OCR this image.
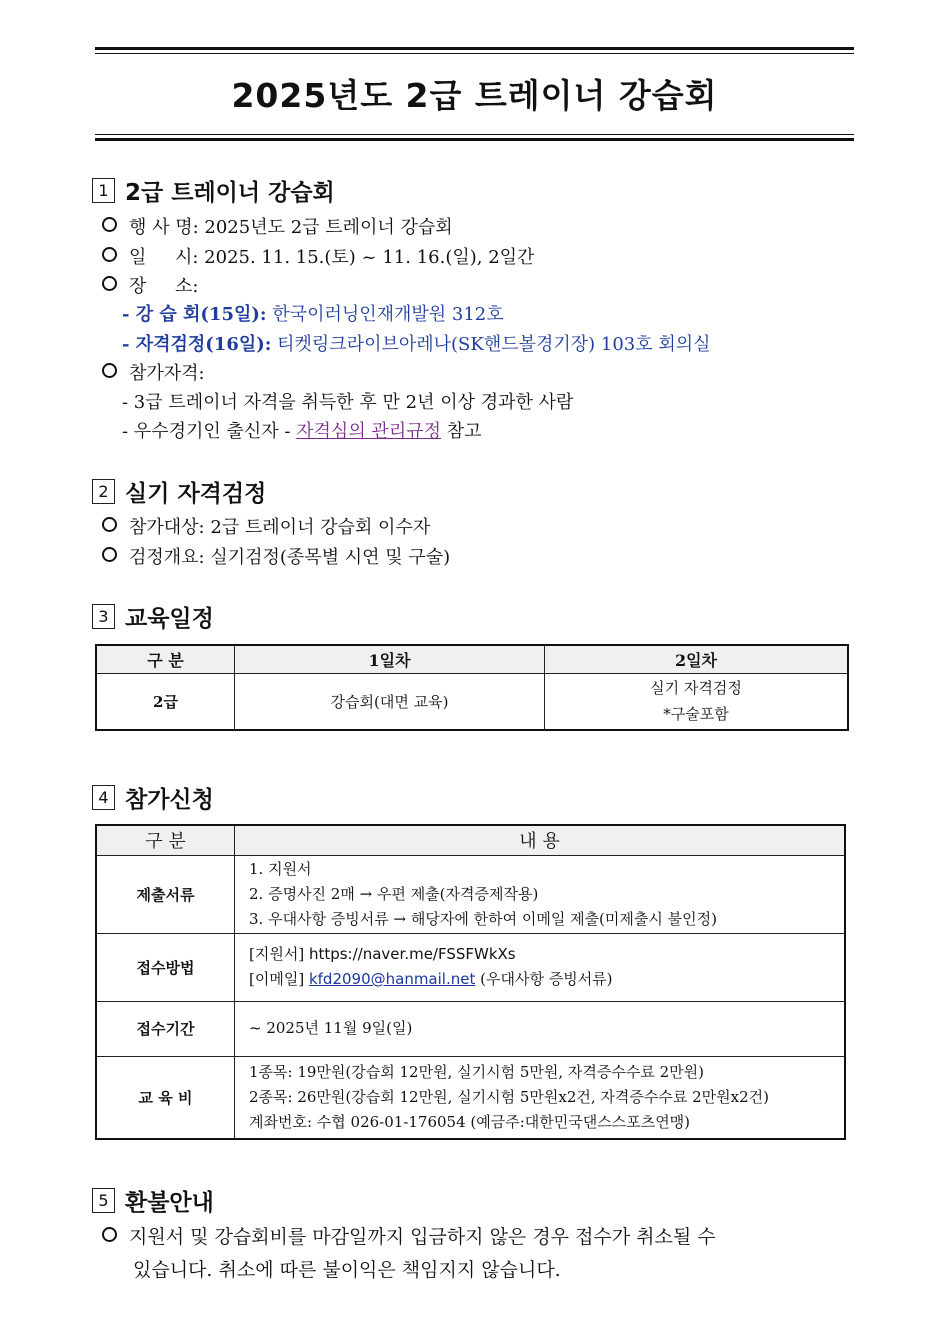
2025년도 2급 트레이너 강습회
1 2급 트레이너 강습회
행 사 명: 2025년도 2급 트레이너 강습회
일     시: 2025. 11. 15.(토) ~ 11. 16.(일), 2일간
장     소:
- 강 습 회(15일): 한국이러닝인재개발원 312호
- 자격검정(16일): 티켓링크라이브아레나(SK핸드볼경기장) 103호 회의실
참가자격:
- 3급 트레이너 자격을 취득한 후 만 2년 이상 경과한 사람
- 우수경기인 출신자 - 자격심의 관리규정 참고
2 실기 자격검정
참가대상: 2급 트레이너 강습회 이수자
검정개요: 실기검정(종목별 시연 및 구술)
3 교육일정
구 분	1일차	2일차
2급	강습회(대면 교육)	실기 자격검정
*구술포함
4 참가신청
구 분	내 용
제출서류	1. 지원서
2. 증명사진 2매 → 우편 제출(자격증제작용)
3. 우대사항 증빙서류 → 해당자에 한하여 이메일 제출(미제출시 불인정)

접수방법	[지원서] https://naver.me/FSSFWkXs
[이메일] kfd2090@hanmail.net (우대사항 증빙서류)

접수기간	~ 2025년 11월 9일(일)
교 육 비	1종목: 19만원(강습회 12만원, 실기시험 5만원, 자격증수수료 2만원)
2종목: 26만원(강습회 12만원, 실기시험 5만원x2건, 자격증수수료 2만원x2건)
계좌번호: 수협 026-01-176054 (예금주:대한민국댄스스포츠연맹)
5 환불안내
지원서 및 강습회비를 마감일까지 입금하지 않은 경우 접수가 취소될 수
있습니다. 취소에 따른 불이익은 책임지지 않습니다.
